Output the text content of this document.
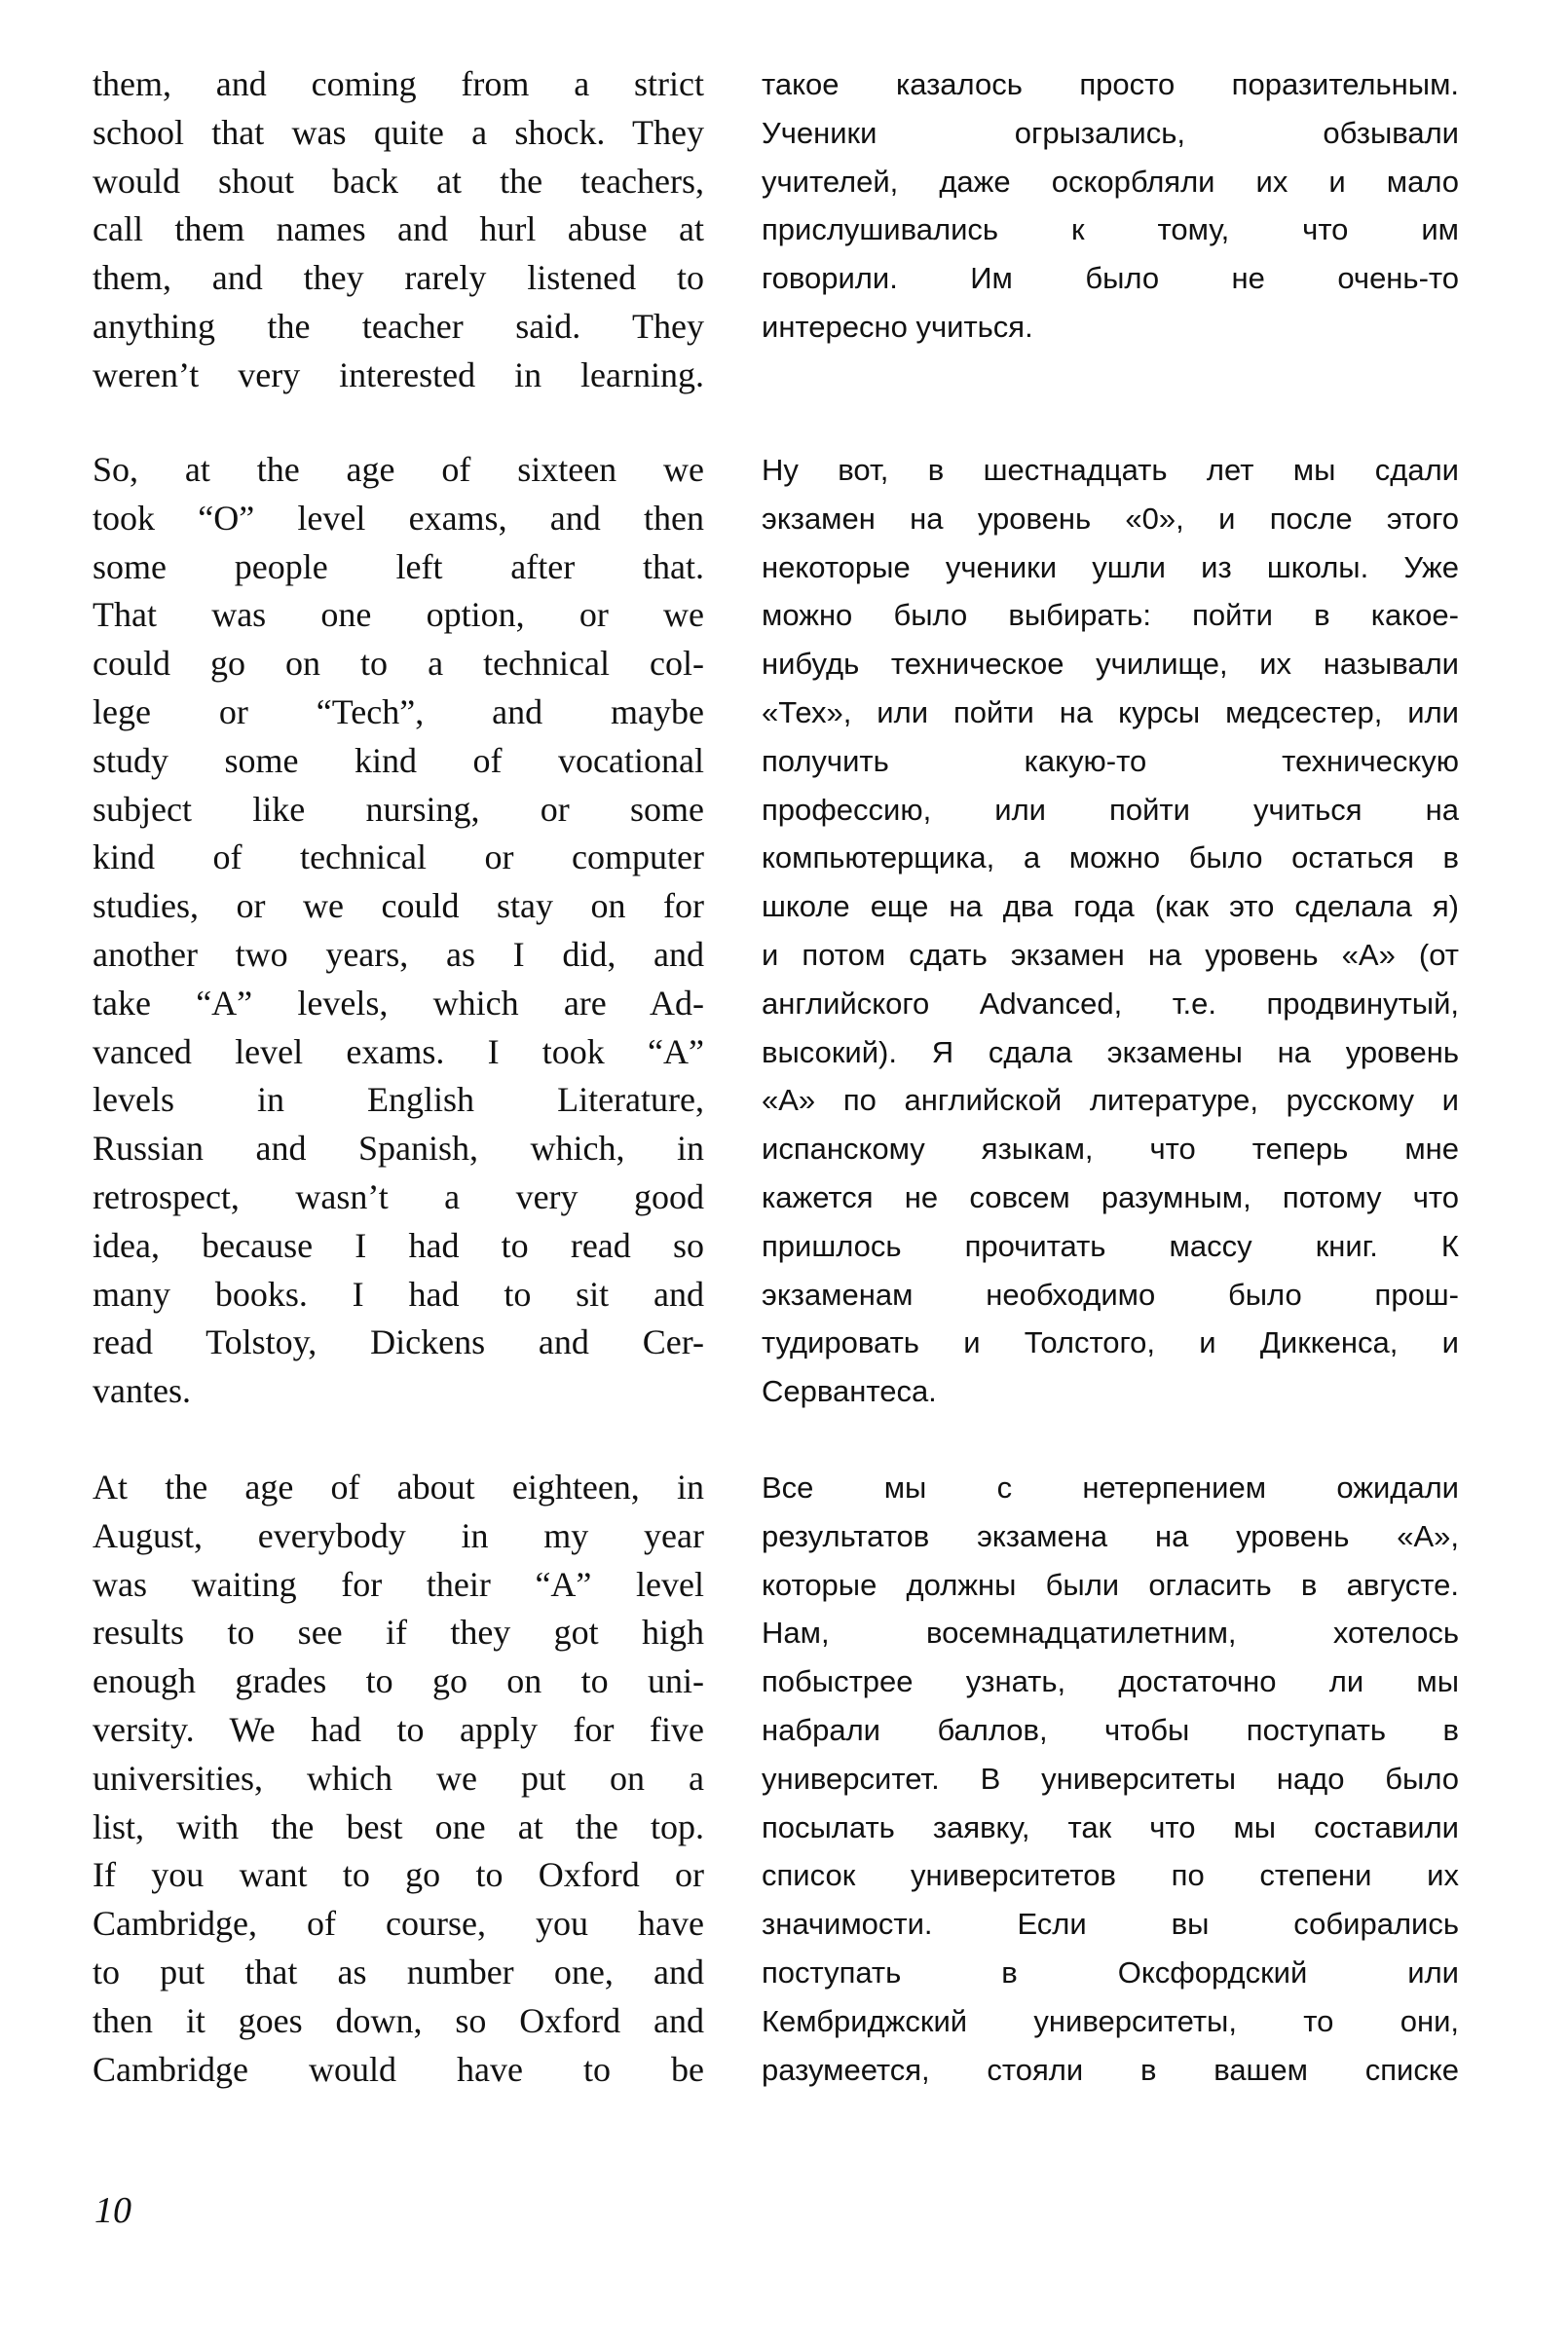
them, and coming from a strict
school that was quite a shock. They
would shout back at the teachers,
call them names and hurl abuse at
them, and they rarely listened to
anything the teacher said. They
weren’t very interested in learning.
So, at the age of sixteen we
took “O” level exams, and then
some people left after that.
That was one option, or we
could go on to a technical col-
lege or “Tech”, and maybe
study some kind of vocational
subject like nursing, or some
kind of technical or computer
studies, or we could stay on for
another two years, as I did, and
take “A” levels, which are Ad-
vanced level exams. I took “A”
levels in English Literature,
Russian and Spanish, which, in
retrospect, wasn’t a very good
idea, because I had to read so
many books. I had to sit and
read Tolstoy, Dickens and Cer-
vantes.
At the age of about eighteen, in
August, everybody in my year
was waiting for their “A” level
results to see if they got high
enough grades to go on to uni-
versity. We had to apply for five
universities, which we put on a
list, with the best one at the top.
If you want to go to Oxford or
Cambridge, of course, you have
to put that as number one, and
then it goes down, so Oxford and
Cambridge would have to be
такое казалось просто поразительным.
Ученики огрызались, обзывали
учителей, даже оскорбляли их и мало
прислушивались к тому, что им
говорили. Им было не очень-то
интересно учиться.
Ну вот, в шестнадцать лет мы сдали
экзамен на уровень «0», и после этого
некоторые ученики ушли из школы. Уже
можно было выбирать: пойти в какое-
нибудь техническое училище, их называли
«Тех», или пойти на курсы медсестер, или
получить какую-то техническую
профессию, или пойти учиться на
компьютерщика, а можно было остаться в
школе еще на два года (как это сделала я)
и потом сдать экзамен на уровень «А» (от
английского Advanced, т.е. продвинутый,
высокий). Я сдала экзамены на уровень
«А» по английской литературе, русскому и
испанскому языкам, что теперь мне
кажется не совсем разумным, потому что
пришлось прочитать массу книг. К
экзаменам необходимо было прош-
тудировать и Толстого, и Диккенса, и
Сервантеса.
Все мы с нетерпением ожидали
результатов экзамена на уровень «А»,
которые должны были огласить в августе.
Нам, восемнадцатилетним, хотелось
побыстрее узнать, достаточно ли мы
набрали баллов, чтобы поступать в
университет. В университеты надо было
посылать заявку, так что мы составили
список университетов по степени их
значимости. Если вы собирались
поступать в Оксфордский или
Кембриджский университеты, то они,
разумеется, стояли в вашем списке
10
